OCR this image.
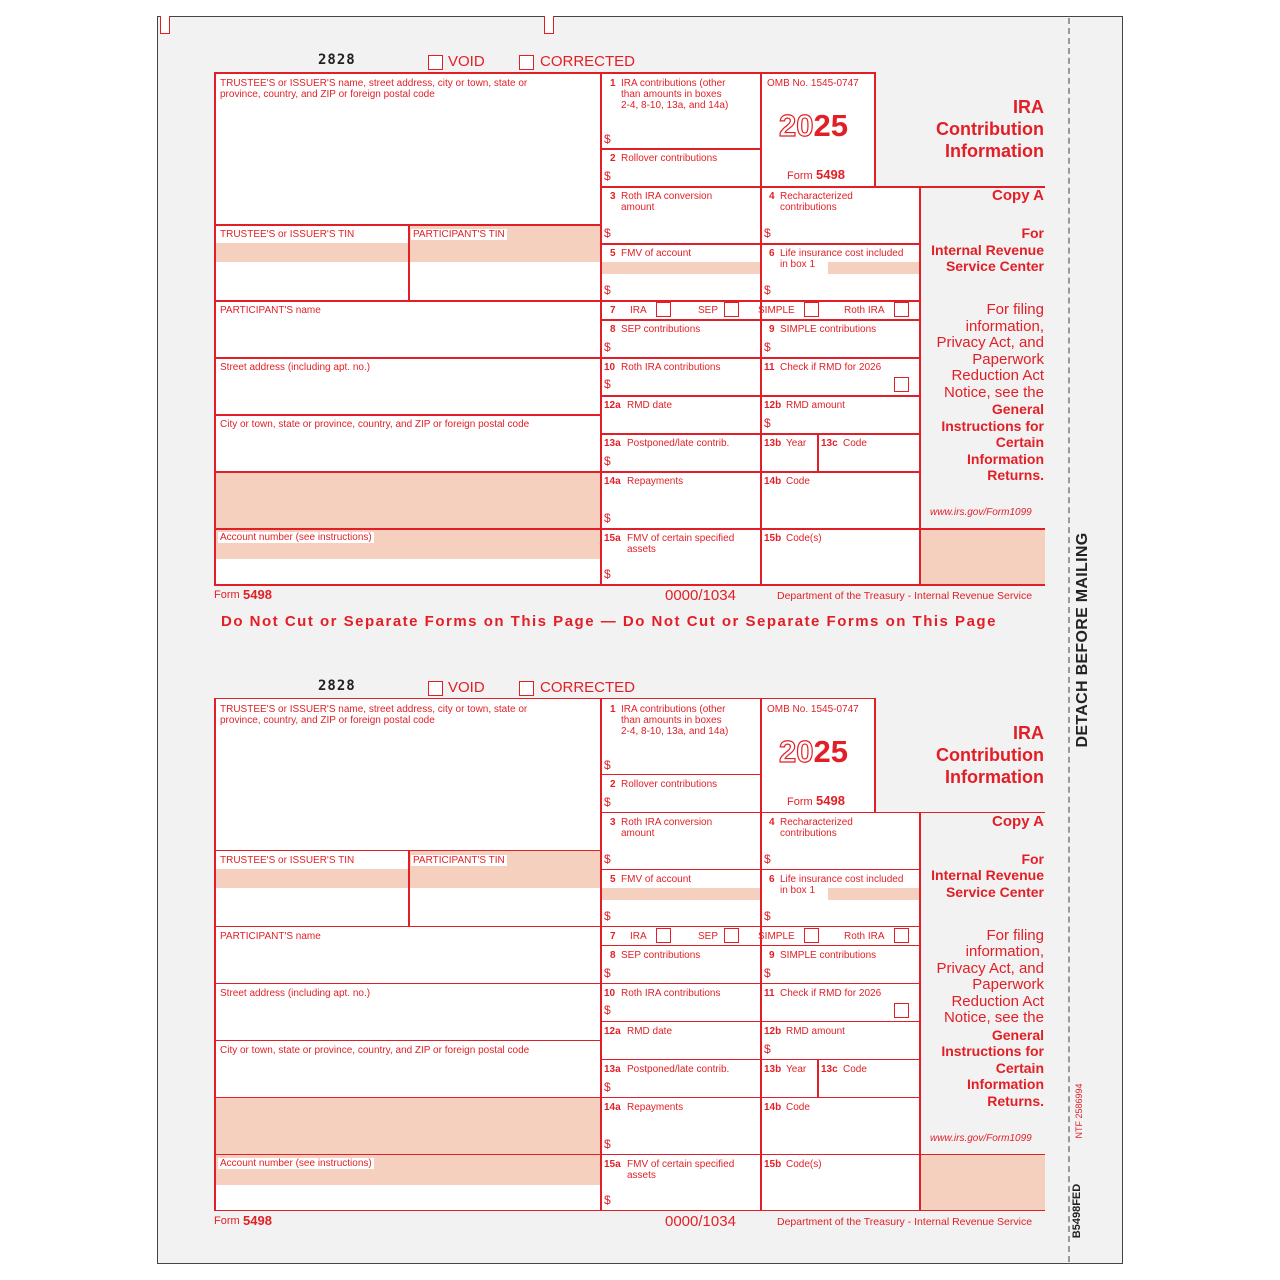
DETACH BEFORE MAILING
NTF 2586994
B5498FED
Do Not Cut or Separate Forms on This Page — Do Not Cut or Separate Forms on This Page
2828	VOID	CORRECTED
TRUSTEE'S or ISSUER'S name, street address, city or town, state or
province, country, and ZIP or foreign postal code
TRUSTEE'S or ISSUER'S TIN	PARTICIPANT'S TIN
PARTICIPANT'S name
Street address (including apt. no.)
City or town, state or province, country, and ZIP or foreign postal code
Account number (see instructions)
1 IRA contributions (other
than amounts in boxes
2-4, 8-10, 13a, and 14a)
$
2 Rollover contributions
$
3 Roth IRA conversion
amount
$
4 Recharacterized
contributions
$
5 FMV of account
$
6 Life insurance cost included
in box 1
$
7 IRA	SEP	SIMPLE	Roth IRA
8 SEP contributions
$
9 SIMPLE contributions
$
10 Roth IRA contributions
$
11 Check if RMD for 2026
12a RMD date	12b RMD amount
$
13a Postponed/late contrib.
$
13b Year 13c Code
14a Repayments
$
14b Code
15a FMV of certain specified
assets
$
15b Code(s)
OMB No. 1545-0747
2025
Form 5498
IRA
Contribution
Information
Copy A
For
Internal Revenue
Service Center
For filing
information,
Privacy Act, and
Paperwork
Reduction Act
Notice, see the
General
Instructions for
Certain
Information
Returns.
www.irs.gov/Form1099
Form 5498	0000/1034	Department of the Treasury - Internal Revenue Service
2828	VOID	CORRECTED
TRUSTEE'S or ISSUER'S name, street address, city or town, state or
province, country, and ZIP or foreign postal code
TRUSTEE'S or ISSUER'S TIN	PARTICIPANT'S TIN
PARTICIPANT'S name
Street address (including apt. no.)
City or town, state or province, country, and ZIP or foreign postal code
Account number (see instructions)
1 IRA contributions (other
than amounts in boxes
2-4, 8-10, 13a, and 14a)
$
2 Rollover contributions
$
3 Roth IRA conversion
amount
$
4 Recharacterized
contributions
$
5 FMV of account
$
6 Life insurance cost included
in box 1
$
7 IRA	SEP	SIMPLE	Roth IRA
8 SEP contributions
$
9 SIMPLE contributions
$
10 Roth IRA contributions
$
11 Check if RMD for 2026
12a RMD date	12b RMD amount
$
13a Postponed/late contrib.
$
13b Year 13c Code
14a Repayments
$
14b Code
15a FMV of certain specified
assets
$
15b Code(s)
OMB No. 1545-0747
2025
Form 5498
IRA
Contribution
Information
Copy A
For
Internal Revenue
Service Center
For filing
information,
Privacy Act, and
Paperwork
Reduction Act
Notice, see the
General
Instructions for
Certain
Information
Returns.
www.irs.gov/Form1099
Form 5498	0000/1034	Department of the Treasury - Internal Revenue Service
